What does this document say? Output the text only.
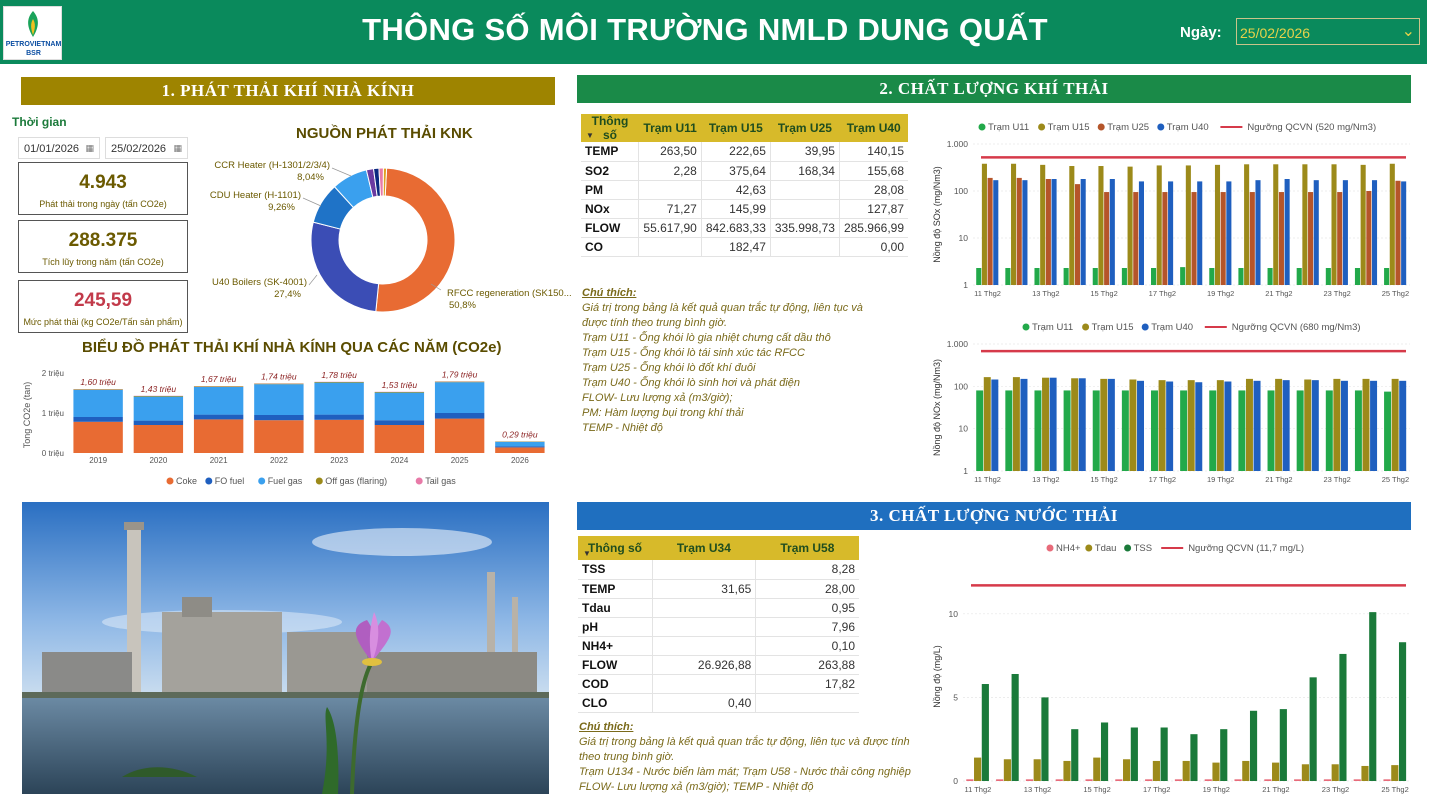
PETROVIETNAM
BSR
THÔNG SỐ MÔI TRƯỜNG NMLD DUNG QUẤT	Ngày: 25/02/2026	⌄
1. PHÁT THẢI KHÍ NHÀ KÍNH
Thời gian
01/01/2026 ▦	25/02/2026 ▦
4.943
Phát thải trong ngày (tấn CO2e)
288.375
Tích lũy trong năm (tấn CO2e)
245,59
Mức phát thải (kg CO2e/Tấn sản phẩm)
NGUỒN PHÁT THẢI KNK
RFCC regeneration (SK150...
50,8%
U40 Boilers (SK-4001)
27,4%
CDU Heater (H-1101)
9,26%
CCR Heater (H-1301/2/3/4)
8,04%
BIỂU ĐỒ PHÁT THẢI KHÍ NHÀ KÍNH QUA CÁC NĂM (CO2e)
Tong CO2e (tan)
0 triệu
1 triệu
2 triệu
1,60 triệu
2019
1,43 triệu
2020
1,67 triệu
2021
1,74 triệu
2022
1,78 triệu
2023
1,53 triệu
2024
1,79 triệu
2025
0,29 triệu
2026
Coke FO fuel	Fuel gas	Off gas (flaring)	Tail gas
2. CHẤT LƯỢNG KHÍ THẢI
Thông số
▼	Trạm U11	Trạm U15	Trạm U25	Trạm U40
TEMP	263,50	222,65	39,95	140,15
SO2	2,28	375,64	168,34	155,68
PM		42,63		28,08
NOx	71,27	145,99		127,87
FLOW	55.617,90	842.683,33	335.998,73	285.966,99
CO		182,47		0,00
Chú thích:
Giá trị trong bảng là kết quả quan trắc tự động, liên tục và
được tính theo trung bình giờ.
Trạm U11 - Ống khói lò gia nhiệt chưng cất dầu thô
Trạm U15 - Ống khói lò tái sinh xúc tác RFCC
Trạm U25 - Ống khói lò đốt khí đuôi
Trạm U40 - Ống khói lò sinh hơi và phát điện
FLOW- Lưu lượng xả (m3/giờ);
PM: Hàm lượng bụi trong khí thải
TEMP - Nhiệt độ
Trạm U11 Trạm U15 Trạm U25 Trạm U40	Ngưỡng QCVN (520 mg/Nm3)
Nồng độ SOx (mg/Nm3)
1
10
100
1.000
11 Thg2	13 Thg2	15 Thg2	17 Thg2	19 Thg2	21 Thg2	23 Thg2	25 Thg2
Trạm U11 Trạm U15 Trạm U40	Ngưỡng QCVN (680 mg/Nm3)
Nồng độ NOx (mg/Nm3)
1
10
100
1.000
11 Thg2	13 Thg2	15 Thg2	17 Thg2	19 Thg2	21 Thg2	23 Thg2	25 Thg2
3. CHẤT LƯỢNG NƯỚC THẢI
Thông số
▼	Trạm U34	Trạm U58
TSS		8,28
TEMP	31,65	28,00
Tdau		0,95
pH		7,96
NH4+		0,10
FLOW	26.926,88	263,88
COD		17,82
CLO	0,40	
Chú thích:
Giá trị trong bảng là kết quả quan trắc tự động, liên tục và được tính
theo trung bình giờ.
Trạm U134 - Nước biển làm mát; Trạm U58 - Nước thải công nghiệp
FLOW- Lưu lượng xả (m3/giờ); TEMP - Nhiệt độ
NH4+ Tdau TSS	Ngưỡng QCVN (11,7 mg/L)
Nồng độ (mg/L)
0
5
10
11 Thg2	13 Thg2	15 Thg2	17 Thg2	19 Thg2	21 Thg2	23 Thg2	25 Thg2
